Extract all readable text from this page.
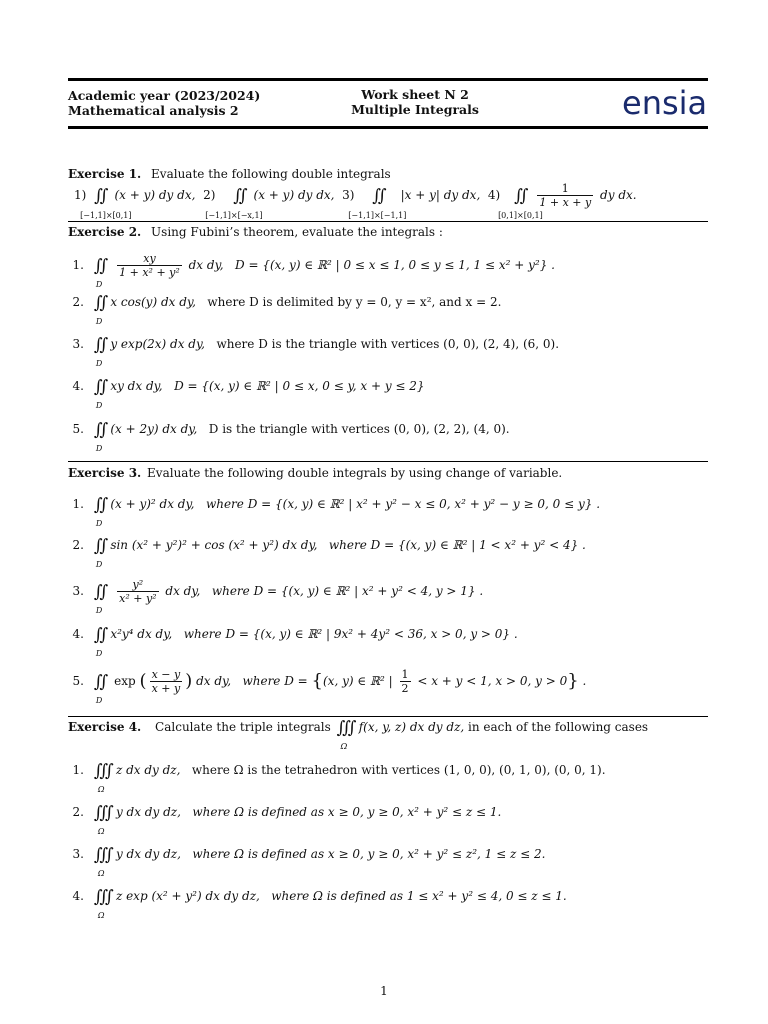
Academic year (2023/2024)
Mathematical analysis 2
Work sheet N 2
Multiple Integrals	ensia
Exercise 1. Evaluate the following double integrals
1) ∬
[−1,1]×[0,1]
(x + y) dy dx, 2) ∬
[−1,1]×[−x,1]
(x + y) dy dx, 3) ∬
[−1,1]×[−1,1]
|x + y| dy dx, 4) ∬
[0,1]×[0,1]

$\frac{1}{1 + x + y}$ dy dx.
Exercise 2. Using Fubini’s theorem, evaluate the integrals :
1. ∬
D

$\frac{xy}{\text{1 + x² + y²}}$ dx dy, D = {(x, y) ∈ ℝ² | 0 ≤ x ≤ 1, 0 ≤ y ≤ 1, 1 ≤ x² + y²} .
2. ∬
D
x cos(y) dx dy, where D is delimited by y = 0, y = x², and x = 2.
3. ∬
D
y exp(2x) dx dy, where D is the triangle with vertices (0, 0), (2, 4), (6, 0).
4. ∬
D
xy dx dy, D = {(x, y) ∈ ℝ² | 0 ≤ x, 0 ≤ y, x + y ≤ 2}
5. ∬
D
(x + 2y) dx dy, D is the triangle with vertices (0, 0), (2, 2), (4, 0).
Exercise 3. Evaluate the following double integrals by using change of variable.
1. ∬
D
(x + y)² dx dy, where D = {(x, y) ∈ ℝ² | x² + y² − x ≤ 0, x² + y² − y ≥ 0, 0 ≤ y} .
2. ∬
D
sin (x² + y²)² + cos (x² + y²) dx dy, where D = {(x, y) ∈ ℝ² | 1 < x² + y² < 4} .
3. ∬
D

$\frac{\text{y²}}{\text{x² + y²}}$ dx dy, where D = {(x, y) ∈ ℝ² | x² + y² < 4, y > 1} .
4. ∬
D
x²y⁴ dx dy, where D = {(x, y) ∈ ℝ² | 9x² + 4y² < 36, x > 0, y > 0} .
5. ∬
D
exp ( $\frac{x - y}{x + y}$ ) dx dy, where D = {(x, y) ∈ ℝ² | $\frac{1}{2} < x + y < 1$, x > 0, y > 0} .
Exercise 4. Calculate the triple integrals ∭
Ω
f(x, y, z) dx dy dz, in each of the following cases
1. ∭
Ω
z dx dy dz, where Ω is the tetrahedron with vertices (1, 0, 0), (0, 1, 0), (0, 0, 1).
2. ∭
Ω
y dx dy dz, where Ω is defined as x ≥ 0, y ≥ 0, x² + y² ≤ z ≤ 1.
3. ∭
Ω
y dx dy dz, where Ω is defined as x ≥ 0, y ≥ 0, x² + y² ≤ z², 1 ≤ z ≤ 2.
4. ∭
Ω
z exp (x² + y²) dx dy dz, where Ω is defined as 1 ≤ x² + y² ≤ 4, 0 ≤ z ≤ 1.
1
